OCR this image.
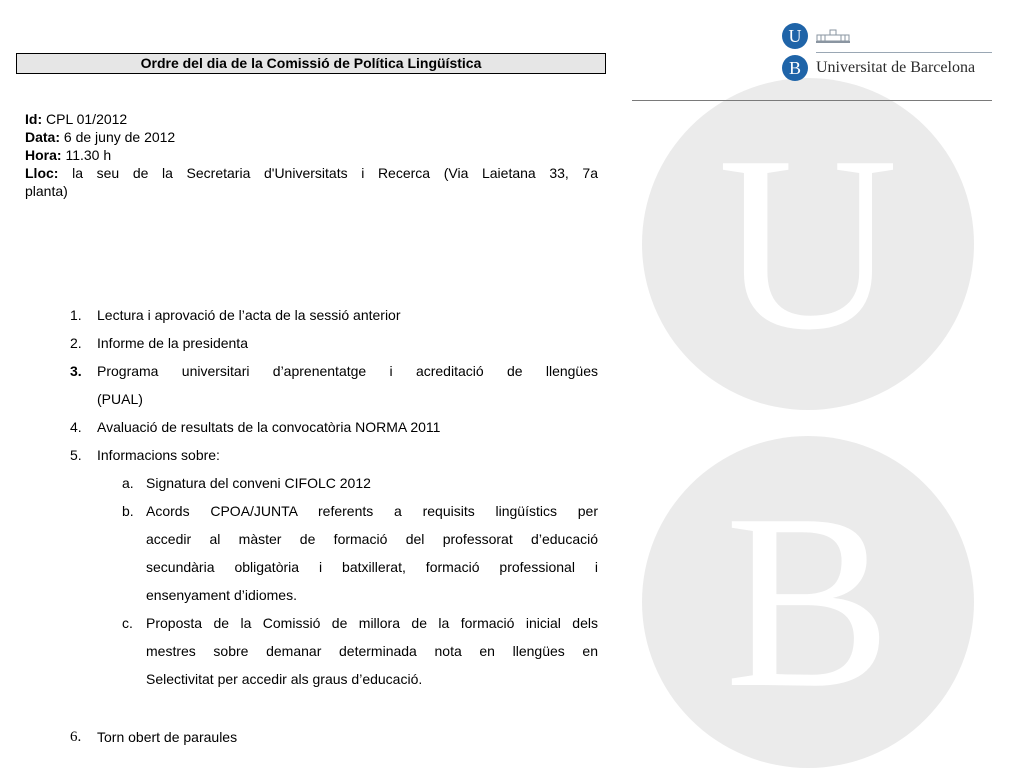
U
B
U
B Universitat de Barcelona
Ordre del dia de la Comissió de Política Lingüística

Id: CPL 01/2012

Data: 6 de juny de 2012

Hora: 11.30 h

Lloc: la seu de la Secretaria d'Universitats i Recerca (Via Laietana 33, 7a

planta)

1.	Lectura i aprovació de l’acta de la sessió anterior
2.	Informe de la presidenta
3.	Programa universitari d’aprenentatge i acreditació de llengües
(PUAL)
4.	Avaluació de resultats de la convocatòria NORMA 2011
5.	Informacions sobre:
a. Signatura del conveni CIFOLC 2012
b. Acords CPOA/JUNTA referents a requisits lingüístics per
accedir al màster de formació del professorat d’educació
secundària obligatòria i batxillerat, formació professional i
ensenyament d’idiomes.
c. Proposta de la Comissió de millora de la formació inicial dels
mestres sobre demanar determinada nota en llengües en
Selectivitat per accedir als graus d’educació.
6.	Torn obert de paraules
